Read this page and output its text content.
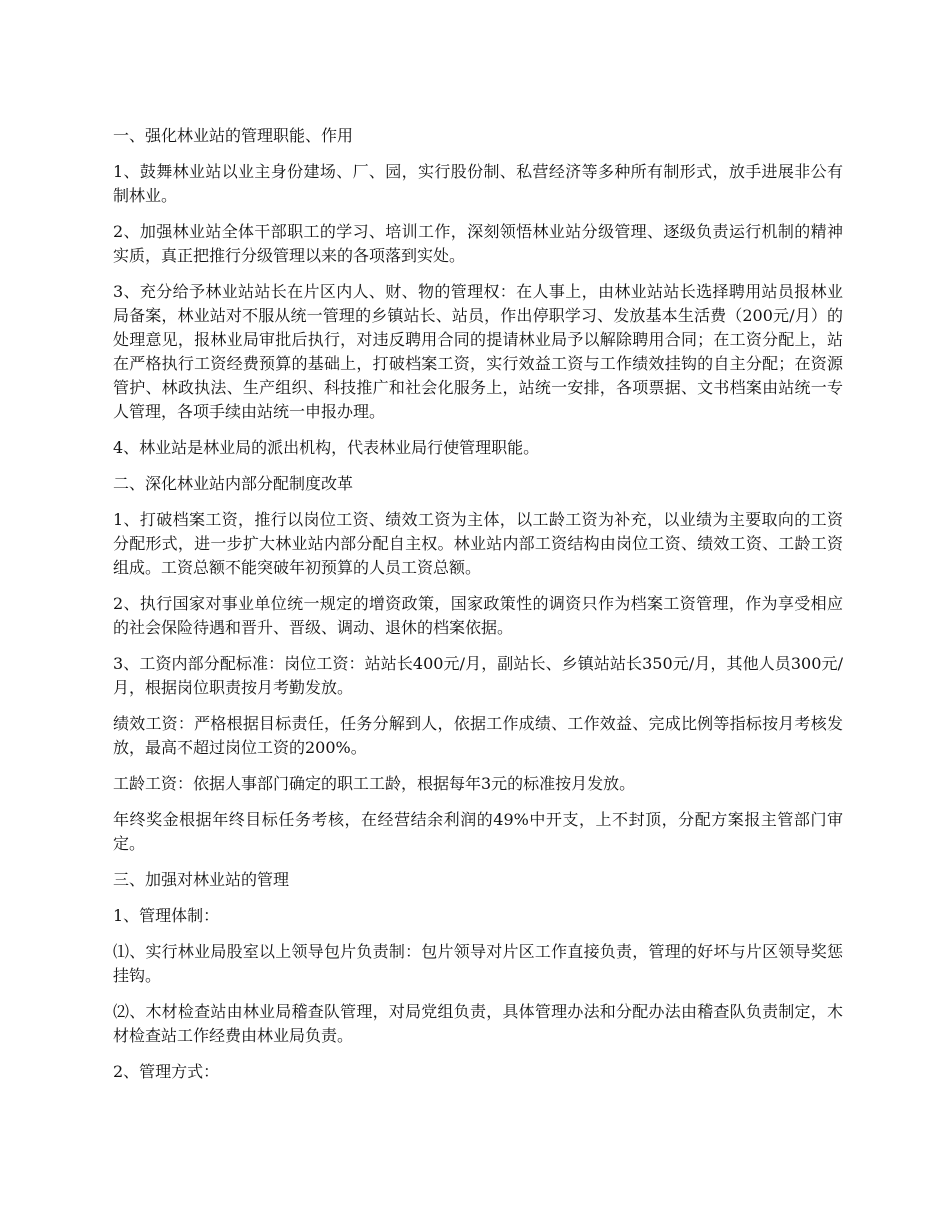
一、强化林业站的管理职能、作用

1、鼓舞林业站以业主身份建场、厂、园，实行股份制、私营经济等多种所有制形式，放手进展非公有制林业。

2、加强林业站全体干部职工的学习、培训工作，深刻领悟林业站分级管理、逐级负责运行机制的精神实质，真正把推行分级管理以来的各项落到实处。

3、充分给予林业站站长在片区内人、财、物的管理权：在人事上，由林业站站长选择聘用站员报林业局备案，林业站对不服从统一管理的乡镇站长、站员，作出停职学习、发放基本生活费（200元/月）的处理意见，报林业局审批后执行，对违反聘用合同的提请林业局予以解除聘用合同；在工资分配上，站在严格执行工资经费预算的基础上，打破档案工资，实行效益工资与工作绩效挂钩的自主分配；在资源管护、林政执法、生产组织、科技推广和社会化服务上，站统一安排，各项票据、文书档案由站统一专人管理，各项手续由站统一申报办理。

4、林业站是林业局的派出机构，代表林业局行使管理职能。

二、深化林业站内部分配制度改革

1、打破档案工资，推行以岗位工资、绩效工资为主体，以工龄工资为补充，以业绩为主要取向的工资分配形式，进一步扩大林业站内部分配自主权。林业站内部工资结构由岗位工资、绩效工资、工龄工资组成。工资总额不能突破年初预算的人员工资总额。

2、执行国家对事业单位统一规定的增资政策，国家政策性的调资只作为档案工资管理，作为享受相应的社会保险待遇和晋升、晋级、调动、退休的档案依据。

3、工资内部分配标准：岗位工资：站站长400元/月，副站长、乡镇站站长350元/月，其他人员300元/月，根据岗位职责按月考勤发放。

绩效工资：严格根据目标责任，任务分解到人，依据工作成绩、工作效益、完成比例等指标按月考核发放，最高不超过岗位工资的200%。

工龄工资：依据人事部门确定的职工工龄，根据每年3元的标准按月发放。

年终奖金根据年终目标任务考核，在经营结余利润的49%中开支，上不封顶，分配方案报主管部门审定。

三、加强对林业站的管理

1、管理体制：

⑴、实行林业局股室以上领导包片负责制：包片领导对片区工作直接负责，管理的好坏与片区领导奖惩挂钩。

⑵、木材检查站由林业局稽查队管理，对局党组负责，具体管理办法和分配办法由稽查队负责制定，木材检查站工作经费由林业局负责。

2、管理方式：
